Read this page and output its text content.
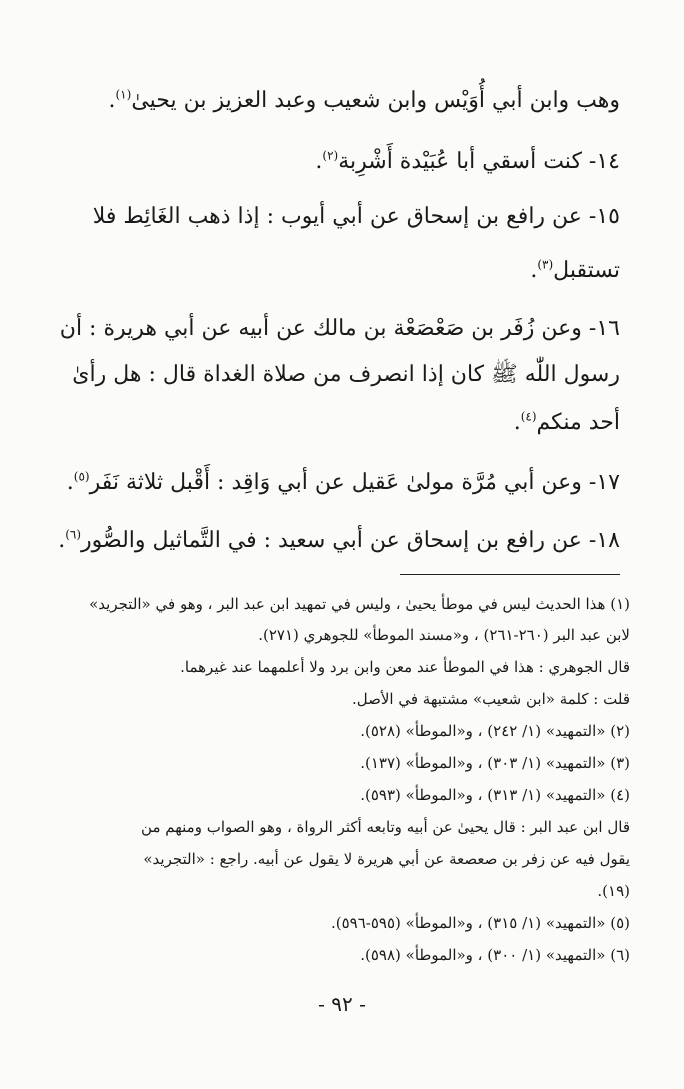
وهب وابن أبي أُوَيْس وابن شعيب وعبد العزيز بن يحيىٰ$^{(١)}$.
١٤- كنت أسقي أبا عُبَيْدة أَشْرِبة$^{(٢)}$.
١٥- عن رافع بن إسحاق عن أبي أيوب : إذا ذهب الغَائِط فلا
تستقبل$^{(٣)}$.
١٦- وعن زُفَر بن صَعْصَعْة بن مالك عن أبيه عن أبي هريرة : أن
رسول اللّٰه ﷺ كان إذا انصرف من صلاة الغداة قال : هل رأىٰ
أحد منكم$^{(٤)}$.
١٧- وعن أبي مُرَّة مولىٰ عَقيل عن أبي وَاقِد : أَقْبل ثلاثة نَفَر$^{(٥)}$.
١٨- عن رافع بن إسحاق عن أبي سعيد : في التَّماثيل والصُّور$^{(٦)}$.
(١) هذا الحديث ليس في موطأ يحيىٰ ، وليس في تمهيد ابن عبد البر ، وهو في «التجريد»
لابن عبد البر (٢٦٠-٢٦١) ، و«مسند الموطأ» للجوهري (٢٧١).
قال الجوهري : هذا في الموطأ عند معن وابن برد ولا أعلمهما عند غيرهما.
قلت : كلمة «ابن شعيب» مشتبهة في الأصل.
(٢) «التمهيد» (١/ ٢٤٢) ، و«الموطأ» (٥٢٨).
(٣) «التمهيد» (١/ ٣٠٣) ، و«الموطأ» (١٣٧).
(٤) «التمهيد» (١/ ٣١٣) ، و«الموطأ» (٥٩٣).
قال ابن عبد البر : قال يحيىٰ عن أبيه وتابعه أكثر الرواة ، وهو الصواب ومنهم من
يقول فيه عن زفر بن صعصعة عن أبي هريرة لا يقول عن أبيه. راجع : «التجريد»
(١٩).
(٥) «التمهيد» (١/ ٣١٥) ، و«الموطأ» (٥٩٥-٥٩٦).
(٦) «التمهيد» (١/ ٣٠٠) ، و«الموطأ» (٥٩٨).
- ٩٢ -
